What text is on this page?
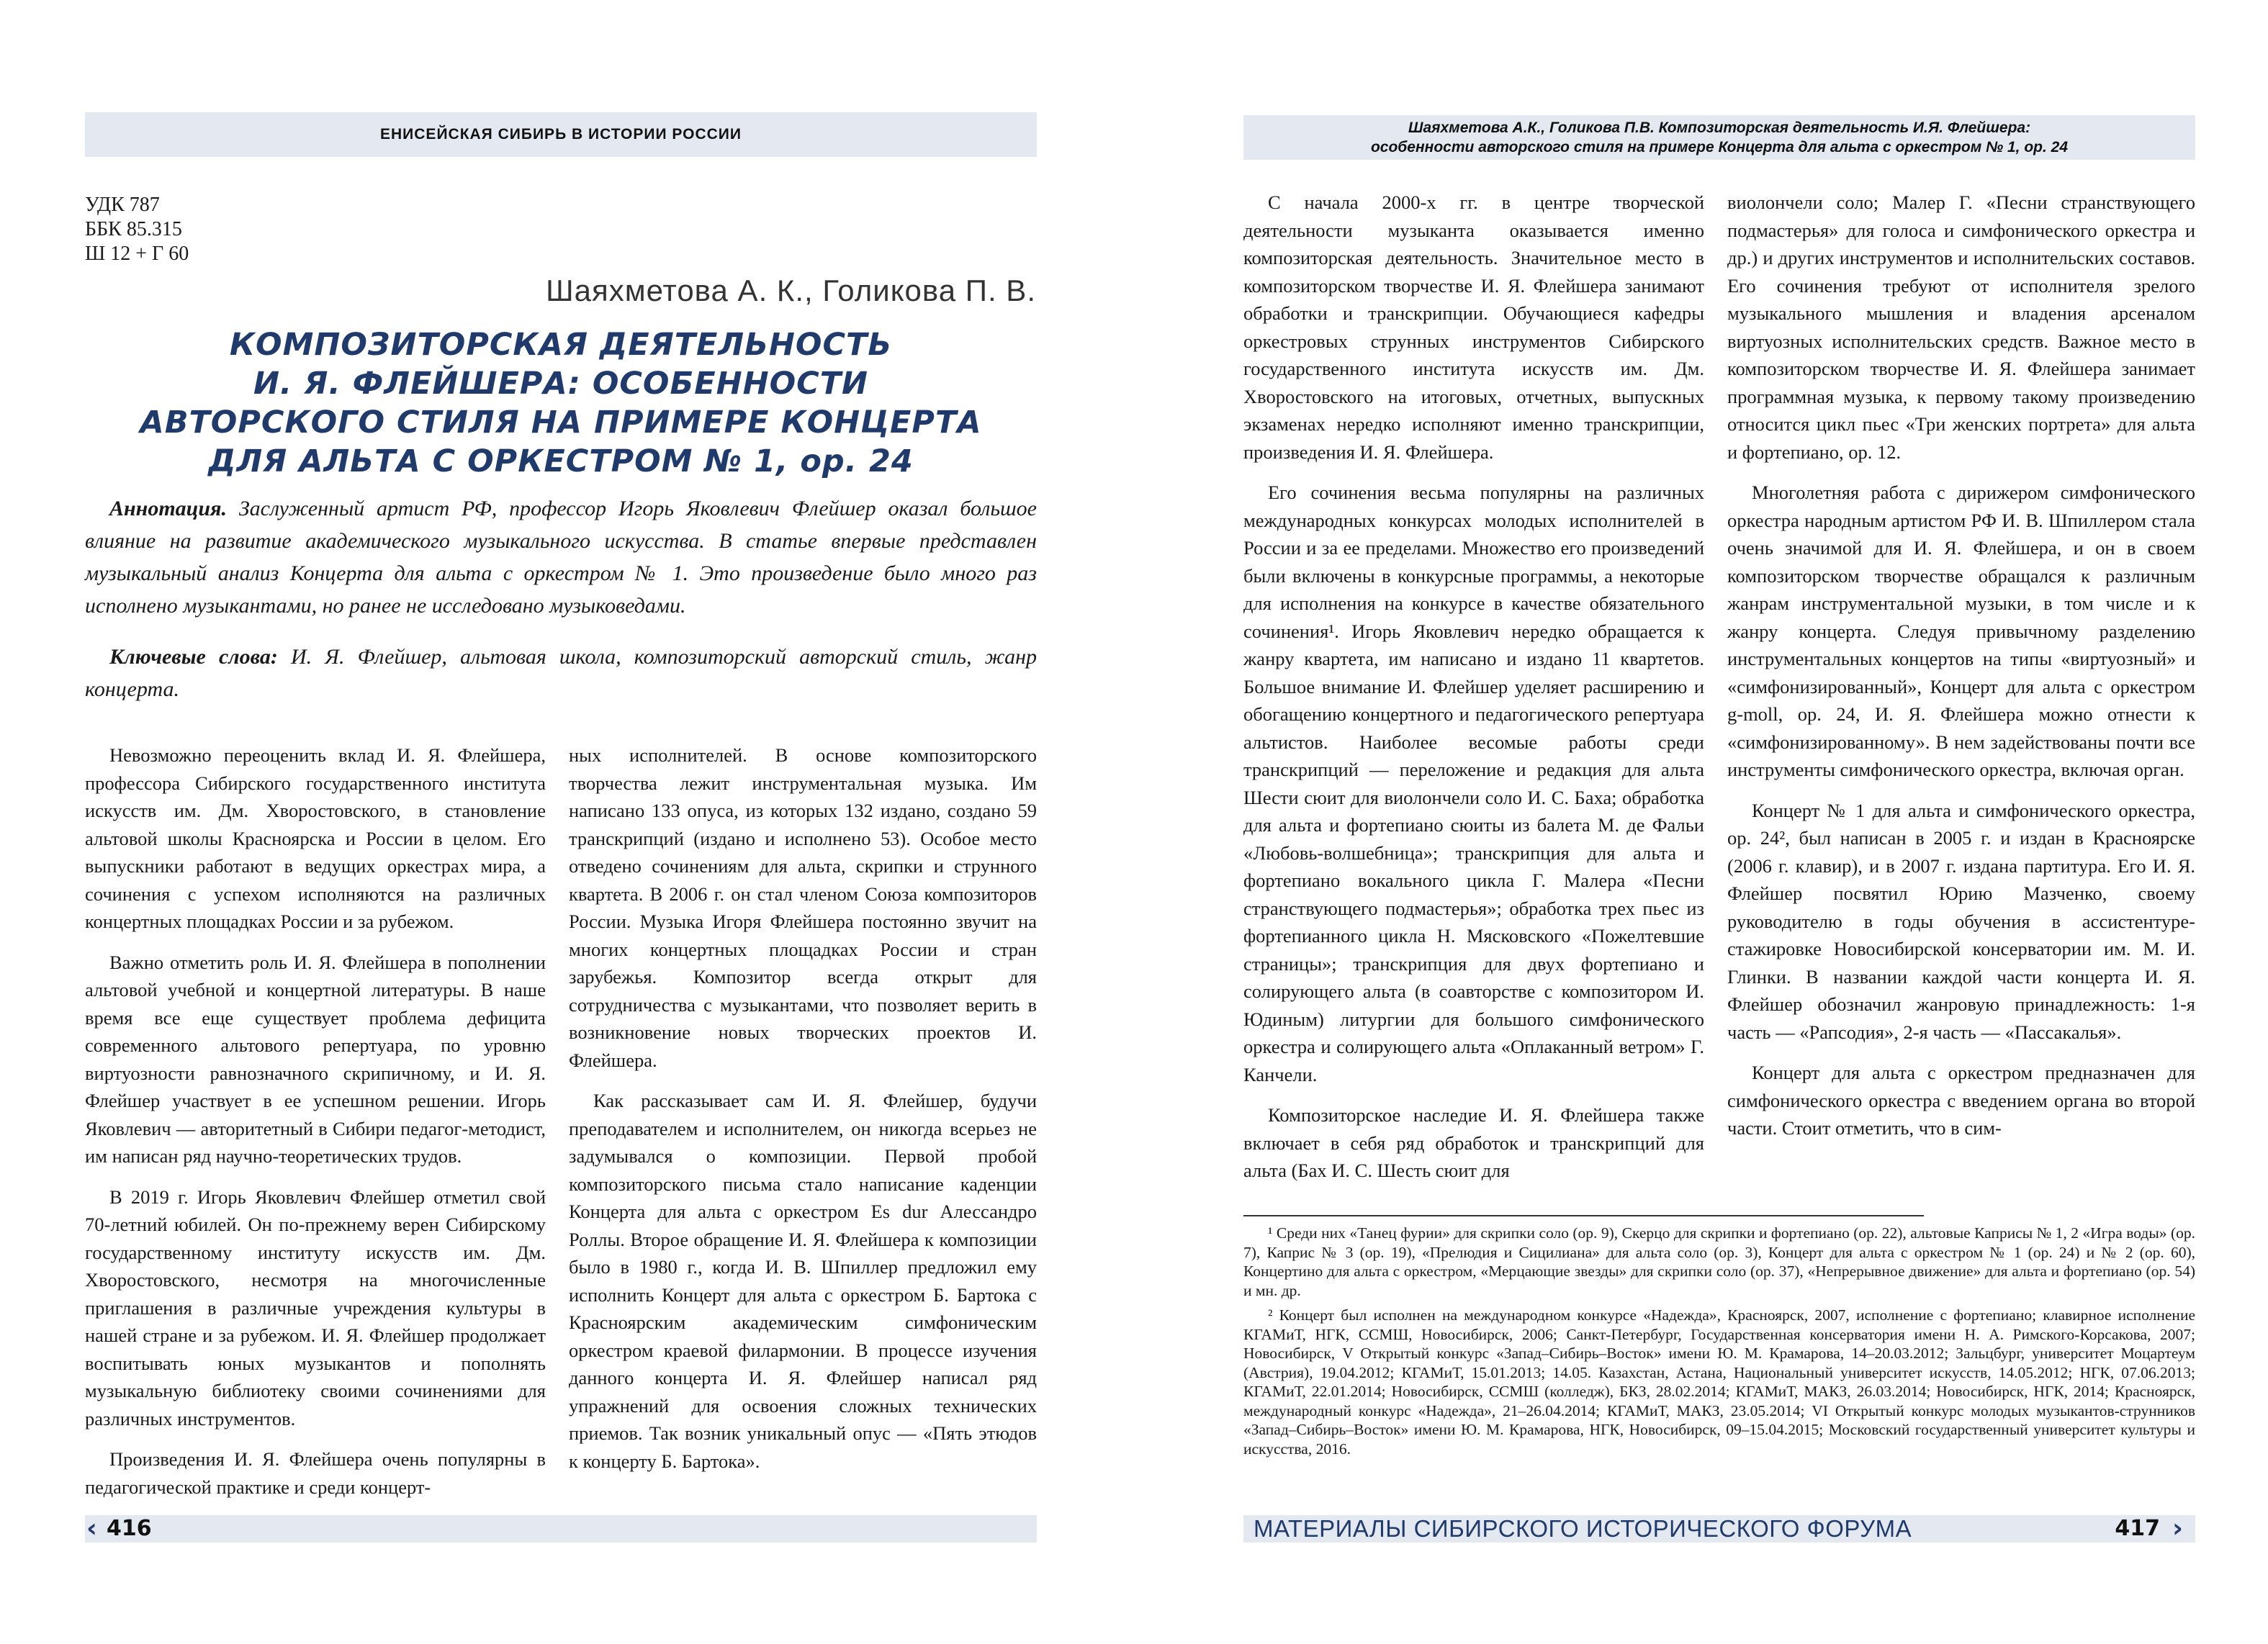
ЕНИСЕЙСКАЯ СИБИРЬ В ИСТОРИИ РОССИИ
УДК 787
ББК 85.315
Ш 12 + Г 60
Шаяхметова А. К., Голикова П. В.
КОМПОЗИТОРСКАЯ ДЕЯТЕЛЬНОСТЬ
И. Я. ФЛЕЙШЕРА: ОСОБЕННОСТИ
АВТОРСКОГО СТИЛЯ НА ПРИМЕРЕ КОНЦЕРТА
ДЛЯ АЛЬТА С ОРКЕСТРОМ № 1, ор. 24
Аннотация. Заслуженный артист РФ, профессор Игорь Яковлевич Флейшер оказал большое влияние на развитие академического музыкального искусства. В статье впервые представлен музыкальный анализ Концерта для альта с оркестром № 1. Это произведение было много раз исполнено музыкантами, но ранее не исследовано музыковедами.
Ключевые слова: И. Я. Флейшер, альтовая школа, композиторский авторский стиль, жанр концерта.

Невозможно переоценить вклад И. Я. Флейшера, профессора Сибирского государственного института искусств им. Дм. Хворостовского, в становление альтовой школы Красноярска и России в целом. Его выпускники работают в ведущих оркестрах мира, а сочинения с успехом исполняются на различных концертных площадках России и за рубежом.

Важно отметить роль И. Я. Флейшера в пополнении альтовой учебной и концертной литературы. В наше время все еще существует проблема дефицита современного альтового репертуара, по уровню виртуозности равнозначного скрипичному, и И. Я. Флейшер участвует в ее успешном решении. Игорь Яковлевич — авторитетный в Сибири педагог-методист, им написан ряд научно-теоретических трудов.

В 2019 г. Игорь Яковлевич Флейшер отметил свой 70-летний юбилей. Он по-прежнему верен Сибирскому государственному институту искусств им. Дм. Хворостовского, несмотря на многочисленные приглашения в различные учреждения культуры в нашей стране и за рубежом. И. Я. Флейшер продолжает воспитывать юных музыкантов и пополнять музыкальную библиотеку своими сочинениями для различных инструментов.

Произведения И. Я. Флейшера очень популярны в педагогической практике и среди концерт-

ных исполнителей. В основе композиторского творчества лежит инструментальная музыка. Им написано 133 опуса, из которых 132 издано, создано 59 транскрипций (издано и исполнено 53). Особое место отведено сочинениям для альта, скрипки и струнного квартета. В 2006 г. он стал членом Союза композиторов России. Музыка Игоря Флейшера постоянно звучит на многих концертных площадках России и стран зарубежья. Композитор всегда открыт для сотрудничества с музыкантами, что позволяет верить в возникновение новых творческих проектов И. Флейшера.

Как рассказывает сам И. Я. Флейшер, будучи преподавателем и исполнителем, он никогда всерьез не задумывался о композиции. Первой пробой композиторского письма стало написание каденции Концерта для альта с оркестром Es dur Алессандро Роллы. Второе обращение И. Я. Флейшера к композиции было в 1980 г., когда И. В. Шпиллер предложил ему исполнить Концерт для альта с оркестром Б. Бартока с Красноярским академическим симфоническим оркестром краевой филармонии. В процессе изучения данного концерта И. Я. Флейшер написал ряд упражнений для освоения сложных технических приемов. Так возник уникальный опус — «Пять этюдов к концерту Б. Бартока».

‹ 416
Шаяхметова А.К., Голикова П.В. Композиторская деятельность И.Я. Флейшера:
особенности авторского стиля на примере Концерта для альта с оркестром № 1, ор. 24

С начала 2000-х гг. в центре творческой деятельности музыканта оказывается именно композиторская деятельность. Значительное место в композиторском творчестве И. Я. Флейшера занимают обработки и транскрипции. Обучающиеся кафедры оркестровых струнных инструментов Сибирского государственного института искусств им. Дм. Хворостовского на итоговых, отчетных, выпускных экзаменах нередко исполняют именно транскрипции, произведения И. Я. Флейшера.

Его сочинения весьма популярны на различных международных конкурсах молодых исполнителей в России и за ее пределами. Множество его произведений были включены в конкурсные программы, а некоторые для исполнения на конкурсе в качестве обязательного сочинения¹. Игорь Яковлевич нередко обращается к жанру квартета, им написано и издано 11 квартетов. Большое внимание И. Флейшер уделяет расширению и обогащению концертного и педагогического репертуара альтистов. Наиболее весомые работы среди транскрипций — переложение и редакция для альта Шести сюит для виолончели соло И. С. Баха; обработка для альта и фортепиано сюиты из балета М. де Фальи «Любовь-волшебница»; транскрипция для альта и фортепиано вокального цикла Г. Малера «Песни странствующего подмастерья»; обработка трех пьес из фортепианного цикла Н. Мясковского «Пожелтевшие страницы»; транскрипция для двух фортепиано и солирующего альта (в соавторстве с композитором И. Юдиным) литургии для большого симфонического оркестра и солирующего альта «Оплаканный ветром» Г. Канчели.

Композиторское наследие И. Я. Флейшера также включает в себя ряд обработок и транскрипций для альта (Бах И. С. Шесть сюит для

виолончели соло; Малер Г. «Песни странствующего подмастерья» для голоса и симфонического оркестра и др.) и других инструментов и исполнительских составов. Его сочинения требуют от исполнителя зрелого музыкального мышления и владения арсеналом виртуозных исполнительских средств. Важное место в композиторском творчестве И. Я. Флейшера занимает программная музыка, к первому такому произведению относится цикл пьес «Три женских портрета» для альта и фортепиано, ор. 12.

Многолетняя работа с дирижером симфонического оркестра народным артистом РФ И. В. Шпиллером стала очень значимой для И. Я. Флейшера, и он в своем композиторском творчестве обращался к различным жанрам инструментальной музыки, в том числе и к жанру концерта. Следуя привычному разделению инструментальных концертов на типы «виртуозный» и «симфонизированный», Концерт для альта с оркестром g-moll, ор. 24, И. Я. Флейшера можно отнести к «симфонизированному». В нем задействованы почти все инструменты симфонического оркестра, включая орган.

Концерт № 1 для альта и симфонического оркестра, ор. 24², был написан в 2005 г. и издан в Красноярске (2006 г. клавир), и в 2007 г. издана партитура. Его И. Я. Флейшер посвятил Юрию Мазченко, своему руководителю в годы обучения в ассистентуре-стажировке Новосибирской консерватории им. М. И. Глинки. В названии каждой части концерта И. Я. Флейшер обозначил жанровую принадлежность: 1-я часть — «Рапсодия», 2-я часть — «Пассакалья».

Концерт для альта с оркестром предназначен для симфонического оркестра с введением органа во второй части. Стоит отметить, что в сим-

¹ Среди них «Танец фурии» для скрипки соло (ор. 9), Скерцо для скрипки и фортепиано (ор. 22), альтовые Каприсы № 1, 2 «Игра воды» (ор. 7), Каприс № 3 (ор. 19), «Прелюдия и Сицилиана» для альта соло (ор. 3), Концерт для альта с оркестром № 1 (ор. 24) и № 2 (ор. 60), Концертино для альта с оркестром, «Мерцающие звезды» для скрипки соло (ор. 37), «Непрерывное движение» для альта и фортепиано (ор. 54) и мн. др.

² Концерт был исполнен на международном конкурсе «Надежда», Красноярск, 2007, исполнение с фортепиано; клавирное исполнение КГАМиТ, НГК, ССМШ, Новосибирск, 2006; Санкт-Петербург, Государственная консерватория имени Н. А. Римского-Корсакова, 2007; Новосибирск, V Открытый конкурс «Запад–Сибирь–Восток» имени Ю. М. Крамарова, 14–20.03.2012; Зальцбург, университет Моцартеум (Австрия), 19.04.2012; КГАМиТ, 15.01.2013; 14.05. Казахстан, Астана, Национальный университет искусств, 14.05.2012; НГК, 07.06.2013; КГАМиТ, 22.01.2014; Новосибирск, ССМШ (колледж), БКЗ, 28.02.2014; КГАМиТ, МАКЗ, 26.03.2014; Новосибирск, НГК, 2014; Красноярск, международный конкурс «Надежда», 21–26.04.2014; КГАМиТ, МАКЗ, 23.05.2014; VI Открытый конкурс молодых музыкантов-струнников «Запад–Сибирь–Восток» имени Ю. М. Крамарова, НГК, Новосибирск, 09–15.04.2015; Московский государственный университет культуры и искусства, 2016.

МАТЕРИАЛЫ СИБИРСКОГО ИСТОРИЧЕСКОГО ФОРУМА	417 ›
